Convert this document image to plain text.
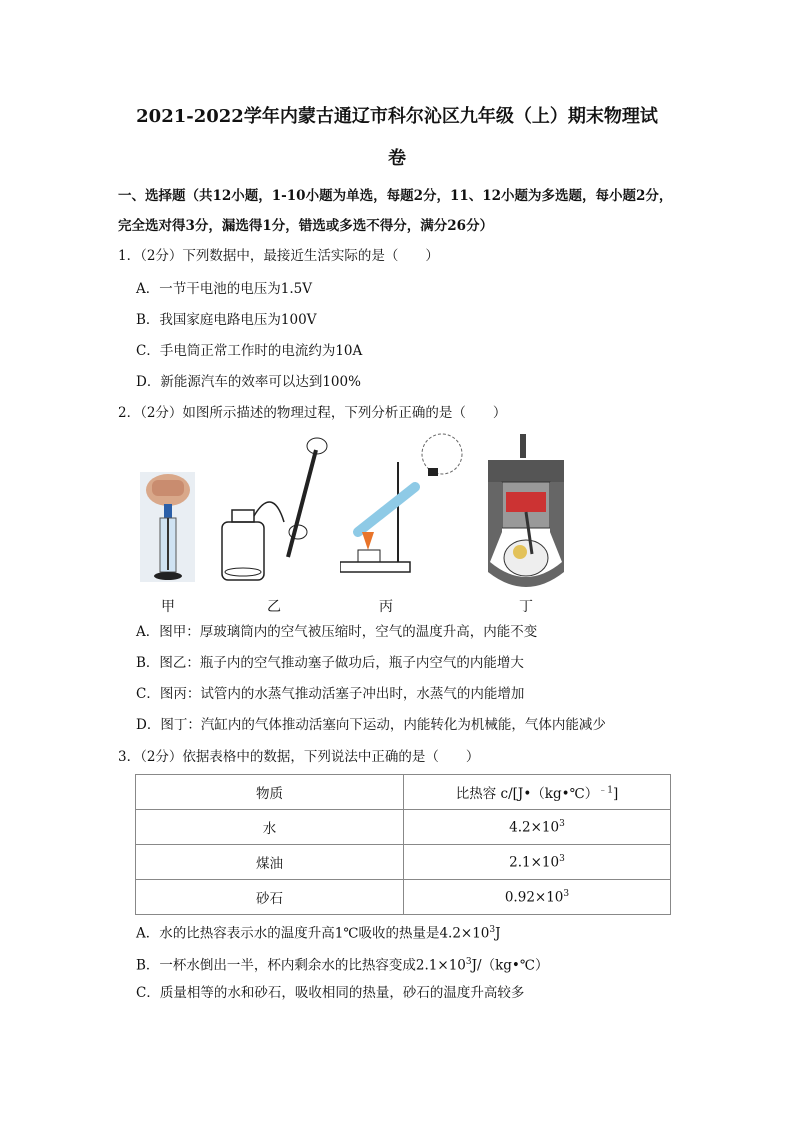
2021-2022学年内蒙古通辽市科尔沁区九年级（上）期末物理试
卷
一、选择题（共12小题，1-10小题为单选，每题2分，11、12小题为多选题，每小题2分，
完全选对得3分，漏选得1分，错选或多选不得分，满分26分）
1．（2分）下列数据中，最接近生活实际的是（　　）
A．一节干电池的电压为1.5V
B．我国家庭电路电压为100V
C．手电筒正常工作时的电流约为10A
D．新能源汽车的效率可以达到100%
2．（2分）如图所示描述的物理过程，下列分析正确的是（　　）
甲	乙	丙	丁
A．图甲：厚玻璃筒内的空气被压缩时，空气的温度升高，内能不变
B．图乙：瓶子内的空气推动塞子做功后，瓶子内空气的内能增大
C．图丙：试管内的水蒸气推动活塞子冲出时，水蒸气的内能增加
D．图丁：汽缸内的气体推动活塞向下运动，内能转化为机械能，气体内能减少
3．（2分）依据表格中的数据，下列说法中正确的是（　　）
物质	比热容 c/[J•（kg•℃）$^{﹣1}$]
水	$4.2\times 10^3$
煤油	$2.1\times 10^3$
砂石	$0.92\times 10^3$
A．水的比热容表示水的温度升高1℃吸收的热量是$4.2\times 10^3J$
B．一杯水倒出一半，杯内剩余水的比热容变成$2.1\times 10^3J/(kg•℃)$
C．质量相等的水和砂石，吸收相同的热量，砂石的温度升高较多
